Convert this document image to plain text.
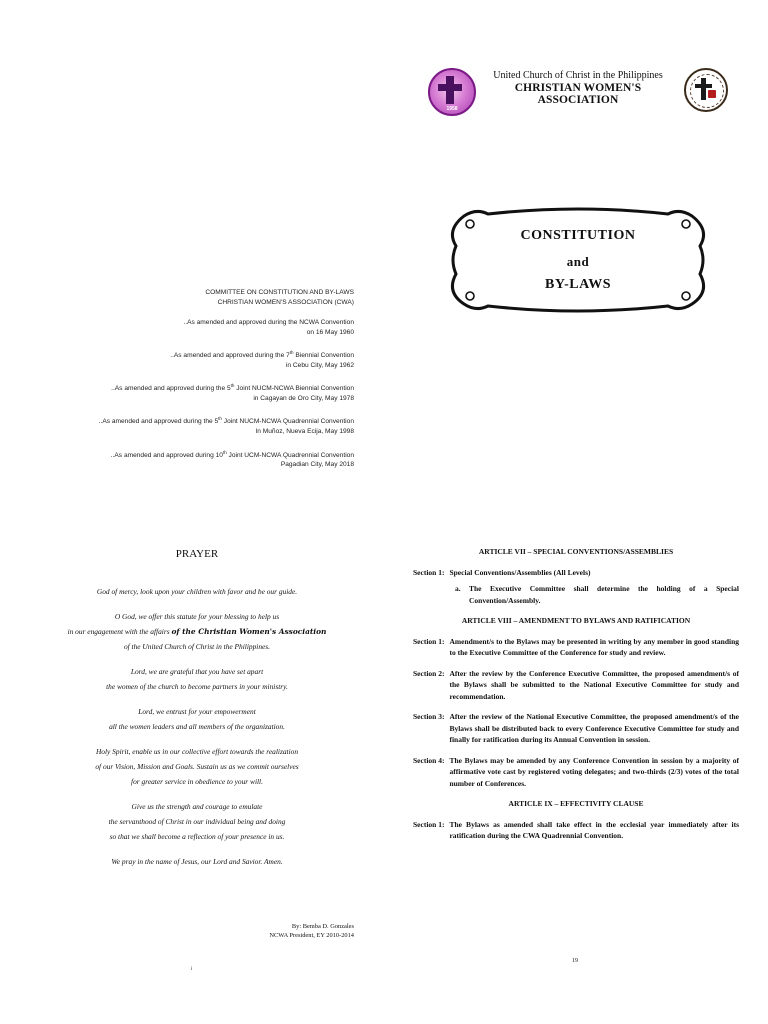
1958
United Church of Christ in the Philippines
CHRISTIAN WOMEN'S ASSOCIATION
CONSTITUTION
and
BY-LAWS
COMMITTEE ON CONSTITUTION AND BY-LAWS
CHRISTIAN WOMEN'S ASSOCIATION (CWA)
..As amended and approved during the NCWA Convention
on 16 May 1960
..As amended and approved during the 7th Biennial Convention
in Cebu City, May 1962
..As amended and approved during the 5th Joint NUCM-NCWA Biennial Convention
in Cagayan de Oro City, May 1978
..As amended and approved during the 5th Joint NUCM-NCWA Quadrennial Convention
In Muñoz, Nueva Ecija, May 1998
..As amended and approved during 10th Joint UCM-NCWA Quadrennial Convention
Pagadian City, May 2018
PRAYER
God of mercy, look upon your children with favor and be our guide.
O God, we offer this statute for your blessing to help us
in our engagement with the affairs of the Christian Women's Association
of the United Church of Christ in the Philippines.
Lord, we are grateful that you have set apart
the women of the church to become partners in your ministry.
Lord, we entrust for your empowerment
all the women leaders and all members of the organization.
Holy Spirit, enable us in our collective effort towards the realization
of our Vision, Mission and Goals. Sustain us as we commit ourselves
for greater service in obedience to your will.
Give us the strength and courage to emulate
the servanthood of Christ in our individual being and doing
so that we shall become a reflection of your presence in us.
We pray in the name of Jesus, our Lord and Savior. Amen.
By: Bemba D. Gonzales
NCWA President, EY 2010-2014
i
ARTICLE VII – SPECIAL CONVENTIONS/ASSEMBLIES
Section 1: Special Conventions/Assemblies (All Levels)
a.	The Executive Committee shall determine the holding of a Special Convention/Assembly.
ARTICLE VIII – AMENDMENT TO BYLAWS AND RATIFICATION
Section 1: Amendment/s to the Bylaws may be presented in writing by any member in good standing to the Executive Committee of the Conference for study and review.
Section 2: After the review by the Conference Executive Committee, the proposed amendment/s of the Bylaws shall be submitted to the National Executive Committee for study and recommendation.
Section 3: After the review of the National Executive Committee, the proposed amendment/s of the Bylaws shall be distributed back to every Conference Executive Committee for study and finally for ratification during its Annual Convention in session.
Section 4: The Bylaws may be amended by any Conference Convention in session by a majority of affirmative vote cast by registered voting delegates; and two-thirds (2/3) votes of the total number of Conferences.
ARTICLE IX – EFFECTIVITY CLAUSE
Section 1: The Bylaws as amended shall take effect in the ecclesial year immediately after its ratification during the CWA Quadrennial Convention.
19
